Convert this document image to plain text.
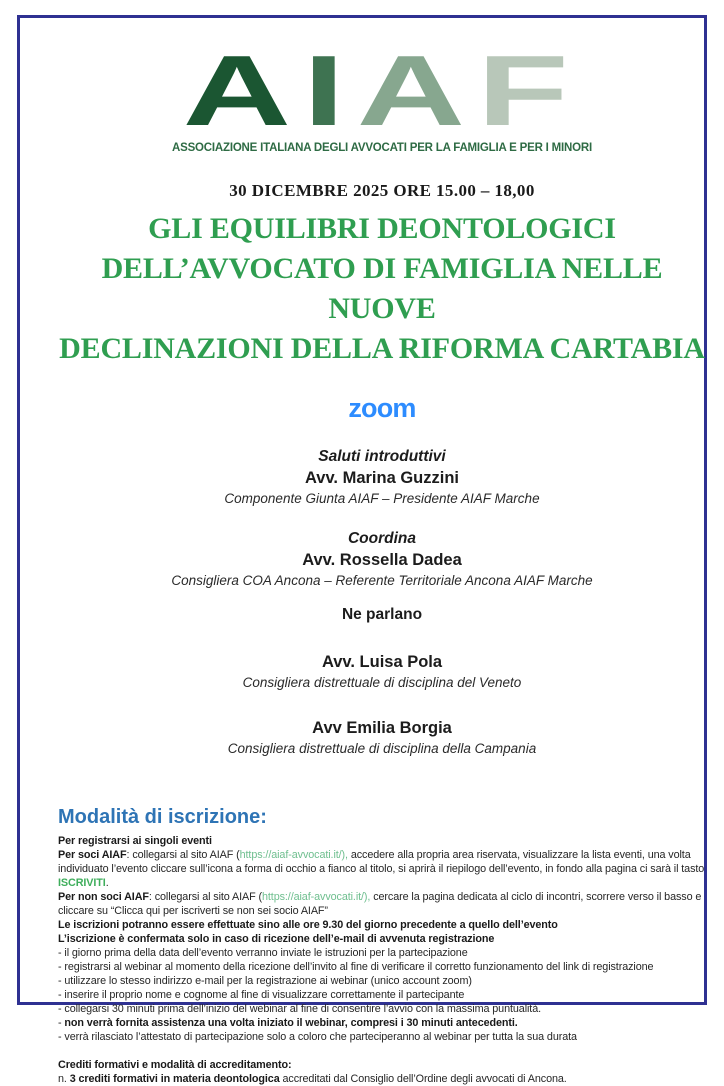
AIAF
ASSOCIAZIONE ITALIANA DEGLI AVVOCATI PER LA FAMIGLIA E PER I MINORI
30 DICEMBRE 2025 ORE 15.00 – 18,00
GLI EQUILIBRI DEONTOLOGICI
DELL’AVVOCATO DI FAMIGLIA NELLE NUOVE
DECLINAZIONI DELLA RIFORMA CARTABIA
zoom
Saluti introduttivi
Avv. Marina Guzzini
Componente Giunta AIAF – Presidente AIAF Marche
Coordina
Avv. Rossella Dadea
Consigliera COA Ancona – Referente Territoriale Ancona AIAF Marche
Ne parlano
Avv. Luisa Pola
Consigliera distrettuale di disciplina del Veneto
Avv Emilia Borgia
Consigliera distrettuale di disciplina della Campania
Modalità di iscrizione:
Per registrarsi ai singoli eventi
Per soci AIAF: collegarsi al sito AIAF (https://aiaf-avvocati.it/), accedere alla propria area riservata, visualizzare la lista eventi, una volta individuato l’evento cliccare sull’icona a forma di occhio a fianco al titolo, si aprirà il riepilogo dell’evento, in fondo alla pagina ci sarà il tasto ISCRIVITI.
Per non soci AIAF: collegarsi al sito AIAF (https://aiaf-avvocati.it/), cercare la pagina dedicata al ciclo di incontri, scorrere verso il basso e cliccare su “Clicca qui per iscriverti se non sei socio AIAF”
Le iscrizioni potranno essere effettuate sino alle ore 9.30 del giorno precedente a quello dell’evento
L’iscrizione è confermata solo in caso di ricezione dell’e-mail di avvenuta registrazione
- il giorno prima della data dell’evento verranno inviate le istruzioni per la partecipazione
- registrarsi al webinar al momento della ricezione dell’invito al fine di verificare il corretto funzionamento del link di registrazione
- utilizzare lo stesso indirizzo e-mail per la registrazione ai webinar (unico account zoom)
- inserire il proprio nome e cognome al fine di visualizzare correttamente il partecipante
- collegarsi 30 minuti prima dell’inizio del webinar al fine di consentire l’avvio con la massima puntualità.
- non verrà fornita assistenza una volta iniziato il webinar, compresi i 30 minuti antecedenti.
- verrà rilasciato l’attestato di partecipazione solo a coloro che parteciperanno al webinar per tutta la sua durata
Crediti formativi e modalità di accreditamento:
n. 3 crediti formativi in materia deontologica accreditati dal Consiglio dell’Ordine degli avvocati di Ancona.
